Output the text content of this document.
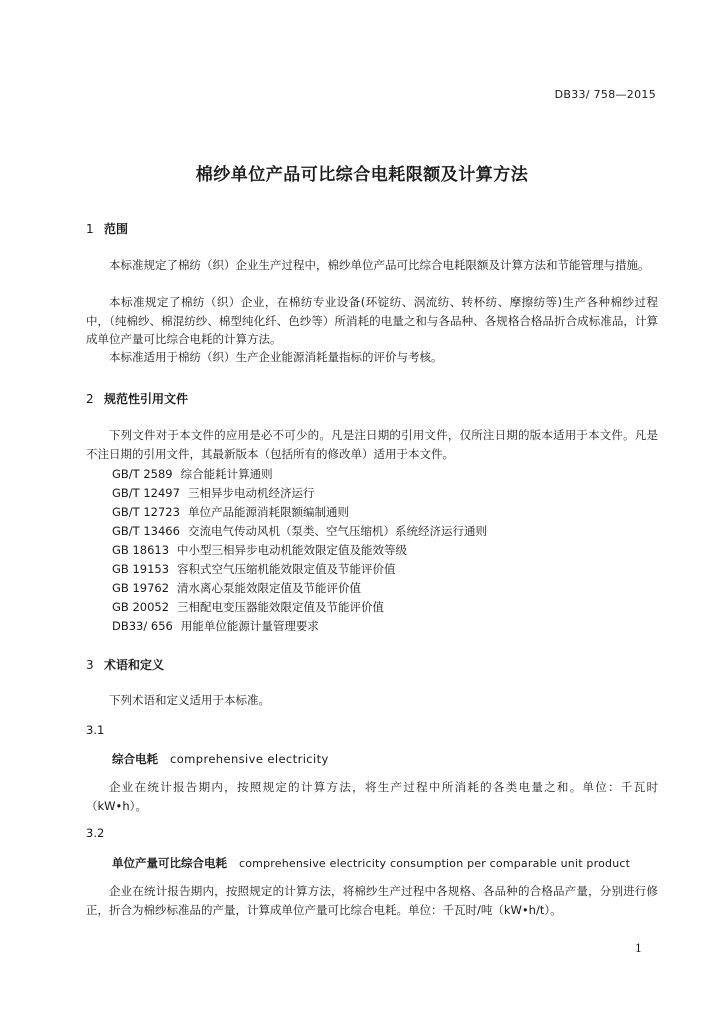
DB33/ 758—2015
棉纱单位产品可比综合电耗限额及计算方法
1 范围
本标准规定了棉纺（织）企业生产过程中，棉纱单位产品可比综合电耗限额及计算方法和节能管理与措施。
本标准规定了棉纺（织）企业，在棉纺专业设备(环锭纺、涡流纺、转杯纺、摩擦纺等)生产各种棉纱过程中，（纯棉纱、棉混纺纱、棉型纯化纤、色纱等）所消耗的电量之和与各品种、各规格合格品折合成标准品，计算成单位产量可比综合电耗的计算方法。
本标准适用于棉纺（织）生产企业能源消耗量指标的评价与考核。
2 规范性引用文件
下列文件对于本文件的应用是必不可少的。凡是注日期的引用文件，仅所注日期的版本适用于本文件。凡是不注日期的引用文件，其最新版本（包括所有的修改单）适用于本文件。
GB/T 2589 综合能耗计算通则
GB/T 12497 三相异步电动机经济运行
GB/T 12723 单位产品能源消耗限额编制通则
GB/T 13466 交流电气传动风机（泵类、空气压缩机）系统经济运行通则
GB 18613 中小型三相异步电动机能效限定值及能效等级
GB 19153 容积式空气压缩机能效限定值及节能评价值
GB 19762 清水离心泵能效限定值及节能评价值
GB 20052 三相配电变压器能效限定值及节能评价值
DB33/ 656 用能单位能源计量管理要求
3 术语和定义
下列术语和定义适用于本标准。
3.1
综合电耗 comprehensive electricity
企业在统计报告期内，按照规定的计算方法，将生产过程中所消耗的各类电量之和。单位：千瓦时（kW•h）。
3.2
单位产量可比综合电耗 comprehensive electricity consumption per comparable unit product
企业在统计报告期内，按照规定的计算方法，将棉纱生产过程中各规格、各品种的合格品产量，分别进行修正，折合为棉纱标准品的产量，计算成单位产量可比综合电耗。单位：千瓦时/吨（kW•h/t）。
1
